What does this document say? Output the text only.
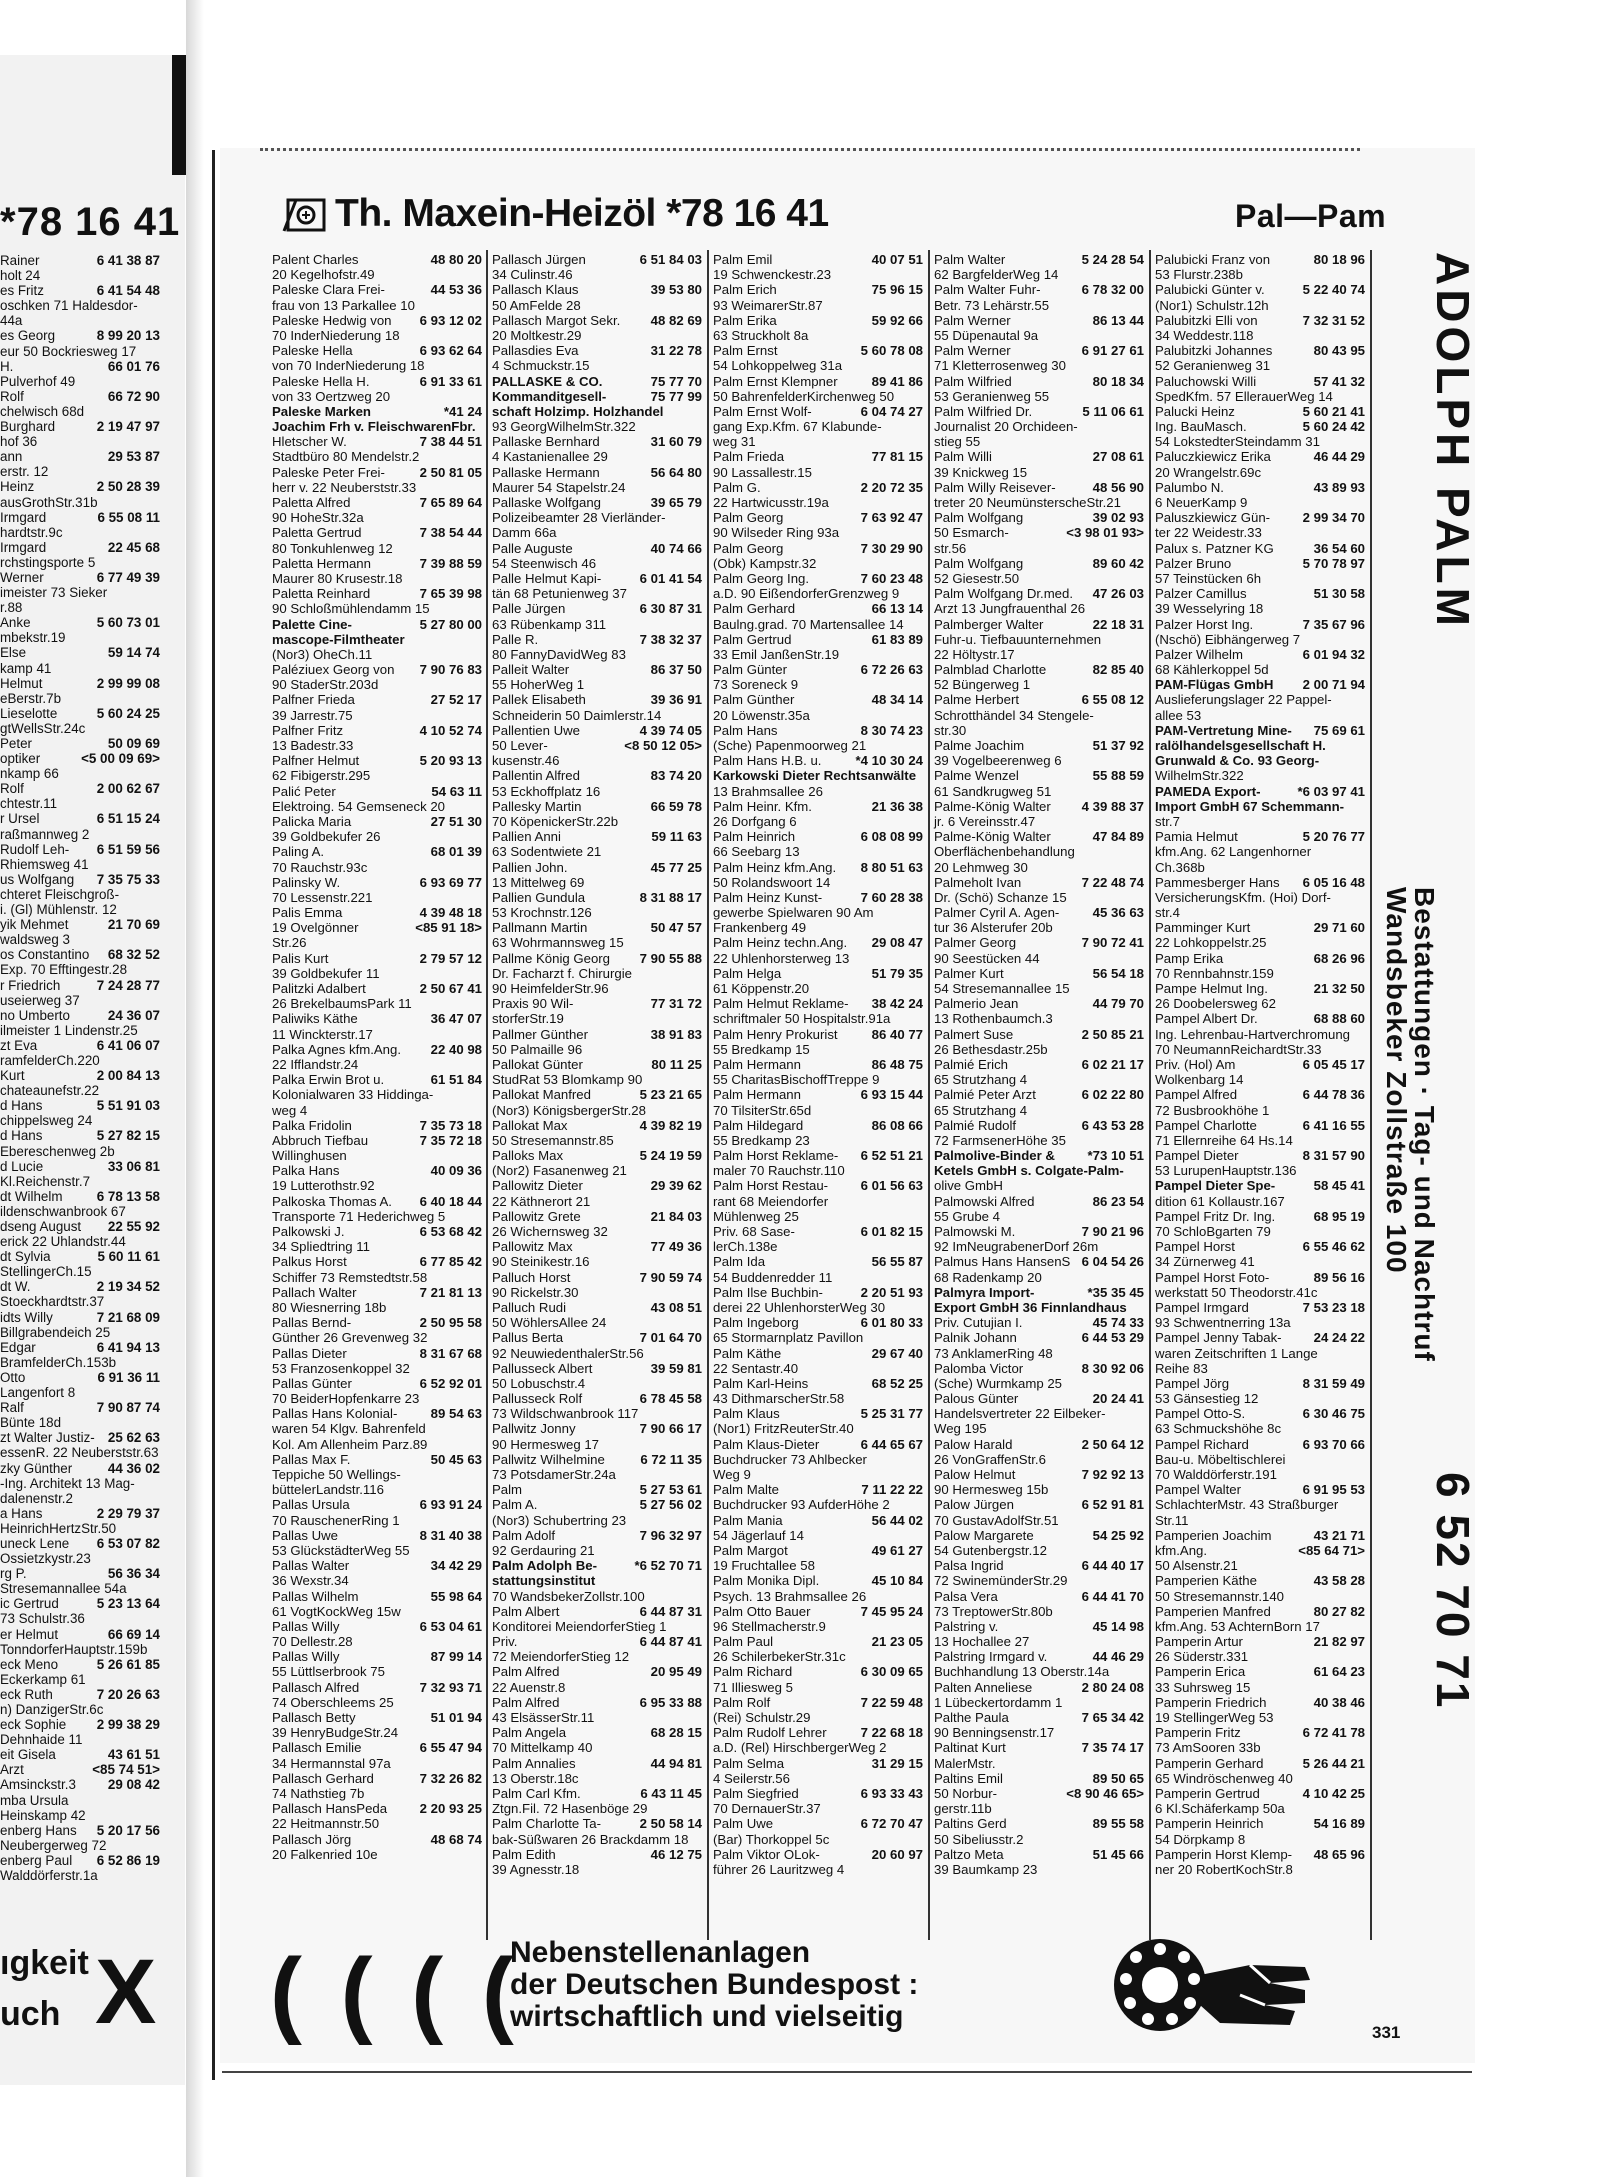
*78 16 41
Rainer	6 41 38 87
holt 24
es Fritz	6 41 54 48
oschken 71 Haldesdor-
44a
es Georg	8 99 20 13
eur 50 Bockriesweg 17
H.	66 01 76
Pulverhof 49
Rolf	66 72 90
chelwisch 68d
Burghard	2 19 47 97
hof 36
ann	29 53 87
erstr. 12
Heinz	2 50 28 39
ausGrothStr.31b
Irmgard	6 55 08 11
hardtstr.9c
Irmgard	22 45 68
rchstingsporte 5
Werner	6 77 49 39
imeister 73 Sieker
r.88
Anke	5 60 73 01
mbekstr.19
Else	59 14 74
kamp 41
Helmut	2 99 99 08
eBerstr.7b
Lieselotte	5 60 24 25
gtWellsStr.24c
Peter	50 09 69
optiker	<5 00 09 69>
nkamp 66
Rolf	2 00 62 67
chtestr.11
r Ursel	6 51 15 24
raßmannweg 2
Rudolf Leh- 6 51 59 56
Rhiemsweg 41
us Wolfgang 7 35 75 33
chteret Fleischgroß-
i. (Gl) Mühlenstr. 12
yik Mehmet	21 70 69
waldsweg 3
os Constantino 68 32 52
Exp. 70 Efftingestr.28
r Friedrich	7 24 28 77
useierweg 37
no Umberto	24 36 07
ilmeister 1 Lindenstr.25
zt Eva	6 41 06 07
ramfelderCh.220
Kurt	2 00 84 13
chateaunefstr.22
d Hans	5 51 91 03
chippelsweg 24
d Hans	5 27 82 15
Ebereschenweg 2b
d Lucie	33 06 81
Kl.Reichenstr.7
dt Wilhelm	6 78 13 58
ildenschwanbrook 67
dseng August 22 55 92
erick 22 Uhlandstr.44
dt Sylvia	5 60 11 61
StellingerCh.15
dt W.	2 19 34 52
Stoeckhardtstr.37
idts Willy	7 21 68 09
Billgrabendeich 25
Edgar	6 41 94 13
BramfelderCh.153b
Otto	6 91 36 11
Langenfort 8
Ralf	7 90 87 74
Bünte 18d
zt Walter Justiz- 25 62 63
essenR. 22 Neuberststr.63
zky Günther	44 36 02
-Ing. Architekt 13 Mag-
dalenenstr.2
a Hans	2 29 79 37
HeinrichHertzStr.50
uneck Lene 6 53 07 82
Ossietzkystr.23
rg P.	56 36 34
Stresemannallee 54a
ic Gertrud	5 23 13 64
73 Schulstr.36
er Helmut	66 69 14
TonndorferHauptstr.159b
eck Meno	5 26 61 85
Eckerkamp 61
eck Ruth	7 20 26 63
n) DanzigerStr.6c
eck Sophie 2 99 38 29
Dehnhaide 11
eit Gisela	43 61 51
Arzt	<85 74 51>
Amsinckstr.3 29 08 42
mba Ursula
Heinskamp 42
enberg Hans 5 20 17 56
Neubergerweg 72
enberg Paul 6 52 86 19
Walddörferstr.1a
ıgkeit
uch X
Th. Maxein-Heizöl *78 16 41	Pal—Pam
Palent Charles	48 80 20
20 Kegelhofstr.49
Paleske Clara Frei-	44 53 36
frau von 13 Parkallee 10
Paleske Hedwig von 6 93 12 02
70 InderNiederung 18
Paleske Hella	6 93 62 64
von 70 InderNiederung 18
Paleske Hella H.	6 91 33 61
von 33 Oertzweg 20
Paleske Marken	*41 24
Joachim Frh v. FleischwarenFbr.
Hletscher W.	7 38 44 51
Stadtbüro 80 Mendelstr.2
Paleske Peter Frei-	2 50 81 05
herr v. 22 Neuberststr.33
Paletta Alfred	7 65 89 64
90 HoheStr.32a
Paletta Gertrud	7 38 54 44
80 Tonkuhlenweg 12
Paletta Hermann	7 39 88 59
Maurer 80 Krusestr.18
Paletta Reinhard	7 65 39 98
90 Schloßmühlendamm 15
Palette Cine-	5 27 80 00
mascope-Filmtheater
(Nor3) OheCh.11
Paléziuex Georg von 7 90 76 83
90 StaderStr.203d
Palfner Frieda	27 52 17
39 Jarrestr.75
Palfner Fritz	4 10 52 74
13 Badestr.33
Palfner Helmut	5 20 93 13
62 Fibigerstr.295
Palić Peter	54 63 11
Elektroing. 54 Gemseneck 20
Palicka Maria	27 51 30
39 Goldbekufer 26
Paling A.	68 01 39
70 Rauchstr.93c
Palinsky W.	6 93 69 77
70 Lessenstr.221
Palis Emma	4 39 48 18
19 Ovelgönner	<85 91 18>
Str.26
Palis Kurt	2 79 57 12
39 Goldbekufer 11
Palitzki Adalbert	2 50 67 41
26 BrekelbaumsPark 11
Paliwiks Käthe	36 47 07
11 Winckterstr.17
Palka Agnes kfm.Ang. 22 40 98
22 Ifflandstr.24
Palka Erwin Brot u.	61 51 84
Kolonialwaren 33 Hiddinga-
weg 4
Palka Fridolin	7 35 73 18
Abbruch Tiefbau	7 35 72 18
Willinghusen
Palka Hans	40 09 36
19 Lutterothstr.92
Palkoska Thomas A. 6 40 18 44
Transporte 71 Hederichweg 5
Palkowski J.	6 53 68 42
34 Spliedtring 11
Palkus Horst	6 77 85 42
Schiffer 73 Remstedtstr.58
Pallach Walter	7 21 81 13
80 Wiesnerring 18b
Pallas Bernd-	2 50 95 58
Günther 26 Grevenweg 32
Pallas Dieter	8 31 67 68
53 Franzosenkoppel 32
Pallas Günter	6 52 92 01
70 BeiderHopfenkarre 23
Pallas Hans Kolonial-	89 54 63
waren 54 Klgv. Bahrenfeld
Kol. Am Allenheim Parz.89
Pallas Max F.	50 45 63
Teppiche 50 Wellings-
büttelerLandstr.116
Pallas Ursula	6 93 91 24
70 RauschenerRing 1
Pallas Uwe	8 31 40 38
53 GlückstädterWeg 55
Pallas Walter	34 42 29
36 Wexstr.34
Pallas Wilhelm	55 98 64
61 VogtKockWeg 15w
Pallas Willy	6 53 04 61
70 Dellestr.28
Pallas Willy	87 99 14
55 Lüttlserbrook 75
Pallasch Alfred	7 32 93 71
74 Oberschleems 25
Pallasch Betty	51 01 94
39 HenryBudgeStr.24
Pallasch Emilie	6 55 47 94
34 Hermannstal 97a
Pallasch Gerhard	7 32 26 82
74 Nathstieg 7b
Pallasch HansPeda 2 20 93 25
22 Heitmannstr.50
Pallasch Jörg	48 68 74
20 Falkenried 10e
Pallasch Jürgen	6 51 84 03
34 Culinstr.46
Pallasch Klaus	39 53 80
50 AmFelde 28
Pallasch Margot Sekr. 48 82 69
20 Moltkestr.29
Pallasdies Eva	31 22 78
4 Schmuckstr.15
PALLASKE & CO.	75 77 70
Kommanditgesell-	75 77 99
schaft Holzimp. Holzhandel
93 GeorgWilhelmStr.322
Pallaske Bernhard	31 60 79
4 Kastanienallee 29
Pallaske Hermann	56 64 80
Maurer 54 Stapelstr.24
Pallaske Wolfgang	39 65 79
Polizeibeamter 28 Vierländer-
Damm 66a
Palle Auguste	40 74 66
54 Steenwisch 46
Palle Helmut Kapi-	6 01 41 54
tän 68 Petunienweg 37
Palle Jürgen	6 30 87 31
63 Rübenkamp 311
Palle R.	7 38 32 37
80 FannyDavidWeg 83
Palleit Walter	86 37 50
55 HoherWeg 1
Pallek Elisabeth	39 36 91
Schneiderin 50 Daimlerstr.14
Pallentien Uwe	4 39 74 05
50 Lever-	<8 50 12 05>
kusenstr.46
Pallentin Alfred	83 74 20
53 Eckhoffplatz 16
Pallesky Martin	66 59 78
70 KöpenickerStr.22b
Pallien Anni	59 11 63
63 Sodentwiete 21
Pallien John.	45 77 25
13 Mittelweg 69
Pallien Gundula	8 31 88 17
53 Krochnstr.126
Pallmann Martin	50 47 57
63 Wohrmannsweg 15
Pallme König Georg 7 90 55 88
Dr. Facharzt f. Chirurgie
90 HeimfelderStr.96
Praxis 90 Wil-	77 31 72
storferStr.19
Pallmer Günther	38 91 83
50 Palmaille 96
Pallokat Günter	80 11 25
StudRat 53 Blomkamp 90
Pallokat Manfred	5 23 21 65
(Nor3) KönigsbergerStr.28
Pallokat Max	4 39 82 19
50 Stresemannstr.85
Palloks Max	5 24 19 59
(Nor2) Fasanenweg 21
Pallowitz Dieter	29 39 62
22 Käthnerort 21
Pallowitz Grete	21 84 03
26 Wichernsweg 32
Pallowitz Max	77 49 36
90 Steinikestr.16
Palluch Horst	7 90 59 74
90 Rickelstr.30
Palluch Rudi	43 08 51
50 WöhlersAllee 24
Pallus Berta	7 01 64 70
92 NeuwiedenthalerStr.56
Pallusseck Albert	39 59 81
50 Lobuschstr.4
Pallusseck Rolf	6 78 45 58
73 Wildschwanbrook 117
Pallwitz Jonny	7 90 66 17
90 Hermesweg 17
Pallwitz Wilhelmine	6 72 11 35
73 PotsdamerStr.24a
Palm	5 27 53 61
Palm A.	5 27 56 02
(Nor3) Schubertring 23
Palm Adolf	7 96 32 97
92 Gerdauring 21
Palm Adolph Be-	*6 52 70 71
stattungsinstitut
70 WandsbekerZollstr.100
Palm Albert	6 44 87 31
Konditorei MeiendorferStieg 1
Priv.	6 44 87 41
72 MeiendorferStieg 12
Palm Alfred	20 95 49
22 Auenstr.8
Palm Alfred	6 95 33 88
43 ElsässerStr.11
Palm Angela	68 28 15
70 Mittelkamp 40
Palm Annalies	44 94 81
13 Oberstr.18c
Palm Carl Kfm.	6 43 11 45
Ztgn.Fil. 72 Hasenböge 29
Palm Charlotte Ta-	2 50 58 14
bak-Süßwaren 26 Brackdamm 18
Palm Edith	46 12 75
39 Agnesstr.18
Palm Emil	40 07 51
19 Schwenckestr.23
Palm Erich	75 96 15
93 WeimarerStr.87
Palm Erika	59 92 66
63 Struckholt 8a
Palm Ernst	5 60 78 08
54 Lohkoppelweg 31a
Palm Ernst Klempner	89 41 86
50 BahrenfelderKirchenweg 50
Palm Ernst Wolf-	6 04 74 27
gang Exp.Kfm. 67 Klabunde-
weg 31
Palm Frieda	77 81 15
90 Lassallestr.15
Palm G.	2 20 72 35
22 Hartwicusstr.19a
Palm Georg	7 63 92 47
90 Wilseder Ring 93a
Palm Georg	7 30 29 90
(Obk) Kampstr.32
Palm Georg Ing.	7 60 23 48
a.D. 90 EißendorferGrenzweg 9
Palm Gerhard	66 13 14
Baulng.grad. 70 Martensallee 14
Palm Gertrud	61 83 89
33 Emil JanßenStr.19
Palm Günter	6 72 26 63
73 Soreneck 9
Palm Günther	48 34 14
20 Löwenstr.35a
Palm Hans	8 30 74 23
(Sche) Papenmoorweg 21
Palm Hans H.B. u.	*4 10 30 24
Karkowski Dieter Rechtsanwälte
13 Brahmsallee 26
Palm Heinr. Kfm.	21 36 38
26 Dorfgang 6
Palm Heinrich	6 08 08 99
66 Seebarg 13
Palm Heinz kfm.Ang. 8 80 51 63
50 Rolandswoort 14
Palm Heinz Kunst-	7 60 28 38
gewerbe Spielwaren 90 Am
Frankenberg 49
Palm Heinz techn.Ang. 29 08 47
22 Uhlenhorsterweg 13
Palm Helga	51 79 35
61 Köppenstr.20
Palm Helmut Reklame- 38 42 24
schriftmaler 50 Hospitalstr.91a
Palm Henry Prokurist	86 40 77
55 Bredkamp 15
Palm Hermann	86 48 75
55 CharitasBischoffTreppe 9
Palm Hermann	6 93 15 44
70 TilsiterStr.65d
Palm Hildegard	86 08 66
55 Bredkamp 23
Palm Horst Reklame- 6 52 51 21
maler 70 Rauchstr.110
Palm Horst Restau- 6 01 56 63
rant 68 Meiendorfer
Mühlenweg 25
Priv. 68 Sase-	6 01 82 15
lerCh.138e
Palm Ida	56 55 87
54 Buddenredder 11
Palm Ilse Buchbin-	2 20 51 93
derei 22 UhlenhorsterWeg 30
Palm Ingeborg	6 01 80 33
65 Stormarnplatz Pavillon
Palm Käthe	29 67 40
22 Sentastr.40
Palm Karl-Heins	68 52 25
43 DithmarscherStr.58
Palm Klaus	5 25 31 77
(Nor1) FritzReuterStr.40
Palm Klaus-Dieter	6 44 65 67
Buchdrucker 73 Ahlbecker
Weg 9
Palm Malte	7 11 22 22
Buchdrucker 93 AufderHöhe 2
Palm Mania	56 44 02
54 Jägerlauf 14
Palm Margot	49 61 27
19 Fruchtallee 58
Palm Monika Dipl.	45 10 84
Psych. 13 Brahmsallee 26
Palm Otto Bauer	7 45 95 24
96 Stellmacherstr.9
Palm Paul	21 23 05
26 SchilerbekerStr.31c
Palm Richard	6 30 09 65
71 Illiesweg 5
Palm Rolf	7 22 59 48
(Rei) Schulstr.29
Palm Rudolf Lehrer	7 22 68 18
a.D. (Rel) HirschbergerWeg 2
Palm Selma	31 29 15
4 Seilerstr.56
Palm Siegfried	6 93 33 43
70 DernauerStr.37
Palm Uwe	6 72 70 47
(Bar) Thorkoppel 5c
Palm Viktor OLok-	20 60 97
führer 26 Lauritzweg 4
Palm Walter	5 24 28 54
62 BargfelderWeg 14
Palm Walter Fuhr-	6 78 32 00
Betr. 73 Lehärstr.55
Palm Werner	86 13 44
55 Düpenautal 9a
Palm Werner	6 91 27 61
71 Kletterrosenweg 30
Palm Wilfried	80 18 34
53 Geranienweg 55
Palm Wilfried Dr.	5 11 06 61
Journalist 20 Orchideen-
stieg 55
Palm Willi	27 08 61
39 Knickweg 15
Palm Willy Reisever-	48 56 90
treter 20 NeumünsterscheStr.21
Palm Wolfgang	39 02 93
50 Esmarch-	<3 98 01 93>
str.56
Palm Wolfgang	89 60 42
52 Giesestr.50
Palm Wolfgang Dr.med. 47 26 03
Arzt 13 Jungfrauenthal 26
Palmberger Walter	22 18 31
Fuhr-u. Tiefbauunternehmen
22 Höltystr.17
Palmblad Charlotte	82 85 40
52 Büngerweg 1
Palme Herbert	6 55 08 12
Schrotthändel 34 Stengele-
str.30
Palme Joachim	51 37 92
39 Vogelbeerenweg 6
Palme Wenzel	55 88 59
61 Sandkrugweg 51
Palme-König Walter 4 39 88 37
jr. 6 Vereinsstr.47
Palme-König Walter	47 84 89
Oberflächenbehandlung
20 Lehmweg 30
Palmeholt Ivan	7 22 48 74
Dr. (Schö) Schanze 15
Palmer Cyril A. Agen-	45 36 63
tur 36 Alsterufer 20b
Palmer Georg	7 90 72 41
90 Seestücken 44
Palmer Kurt	56 54 18
54 Stresemannallee 15
Palmerio Jean	44 79 70
13 Rothenbaumch.3
Palmert Suse	2 50 85 21
26 Bethesdastr.25b
Palmié Erich	6 02 21 17
65 Strutzhang 4
Palmié Peter Arzt	6 02 22 80
65 Strutzhang 4
Palmié Rudolf	6 43 53 28
72 FarmsenerHöhe 35
Palmolive-Binder & *73 10 51
Ketels GmbH s. Colgate-Palm-
olive GmbH
Palmowski Alfred	86 23 54
55 Grube 4
Palmowski M.	7 90 21 96
92 ImNeugrabenerDorf 26m
Palmus Hans HansenS 6 04 54 26
68 Radenkamp 20
Palmyra Import-	*35 35 45
Export GmbH 36 Finnlandhaus
Priv. Cutujian I.	45 74 33
Palnik Johann	6 44 53 29
73 AnklamerRing 48
Palomba Victor	8 30 92 06
(Sche) Wurmkamp 25
Palous Günter	20 24 41
Handelsvertreter 22 Eilbeker-
Weg 195
Palow Harald	2 50 64 12
26 VonGraffenStr.6
Palow Helmut	7 92 92 13
90 Hermesweg 15b
Palow Jürgen	6 52 91 81
70 GustavAdolfStr.51
Palow Margarete	54 25 92
54 Gutenbergstr.12
Palsa Ingrid	6 44 40 17
72 SwinemünderStr.29
Palsa Vera	6 44 41 70
73 TreptowerStr.80b
Palstring v.	45 14 98
13 Hochallee 27
Palstring Irmgard v.	44 46 29
Buchhandlung 13 Oberstr.14a
Palten Anneliese	2 80 24 08
1 Lübeckertordamm 1
Palthe Paula	7 65 34 42
90 Benningsenstr.17
Paltinat Kurt	7 35 74 17
MalerMstr.
Paltins Emil	89 50 65
50 Norbur-	<8 90 46 65>
gerstr.11b
Paltins Gerd	89 55 58
50 Sibeliusstr.2
Paltzo Meta	51 45 66
39 Baumkamp 23
Palubicki Franz von	80 18 96
53 Flurstr.238b
Palubicki Günter v.	5 22 40 74
(Nor1) Schulstr.12h
Palubitzki Elli von	7 32 31 52
34 Weddestr.118
Palubitzki Johannes	80 43 95
52 Geranienweg 31
Paluchowski Willi	57 41 32
SpedKfm. 57 EllerauerWeg 14
Palucki Heinz	5 60 21 41
Ing. BauMasch.	5 60 24 42
54 LokstedterSteindamm 31
Paluczkiewicz Erika	46 44 29
20 Wrangelstr.69c
Palumbo N.	43 89 93
6 NeuerKamp 9
Paluszkiewicz Gün- 2 99 34 70
ter 22 Weidestr.33
Palux s. Patzner KG	36 54 60
Palzer Bruno	5 70 78 97
57 Teinstücken 6h
Palzer Camillus	51 30 58
39 Wesselyring 18
Palzer Horst Ing.	7 35 67 96
(Nschö) Eibhängerweg 7
Palzer Wilhelm	6 01 94 32
68 Kählerkoppel 5d
PAM-Flügas GmbH 2 00 71 94
Auslieferungslager 22 Pappel-
allee 53
PAM-Vertretung Mine- 75 69 61
ralölhandelsgesellschaft H.
Grunwald & Co. 93 Georg-
WilhelmStr.322
PAMEDA Export-	*6 03 97 41
Import GmbH 67 Schemmann-
str.7
Pamia Helmut	5 20 76 77
kfm.Ang. 62 Langenhorner
Ch.368b
Pammesberger Hans 6 05 16 48
VersicherungsKfm. (Hoi) Dorf-
str.4
Pamminger Kurt	29 71 60
22 Lohkoppelstr.25
Pamp Erika	68 26 96
70 Rennbahnstr.159
Pampe Helmut Ing.	21 32 50
26 Doobelersweg 62
Pampel Albert Dr.	68 88 60
Ing. Lehrenbau-Hartverchromung
70 NeumannReichardtStr.33
Priv. (Hol) Am	6 05 45 17
Wolkenbarg 14
Pampel Alfred	6 44 78 36
72 Busbrookhöhe 1
Pampel Charlotte	6 41 16 55
71 Ellernreihe 64 Hs.14
Pampel Dieter	8 31 57 90
53 LurupenHauptstr.136
Pampel Dieter Spe-	58 45 41
dition 61 Kollaustr.167
Pampel Fritz Dr. Ing.	68 95 19
70 SchloBgarten 79
Pampel Horst	6 55 46 62
34 Zürnerweg 41
Pampel Horst Foto-	89 56 16
werkstatt 50 Theodorstr.41c
Pampel Irmgard	7 53 23 18
93 Schwentnerring 13a
Pampel Jenny Tabak- 24 24 22
waren Zeitschriften 1 Lange
Reihe 83
Pampel Jörg	8 31 59 49
53 Gänsestieg 12
Pampel Otto-S.	6 30 46 75
63 Schmuckshöhe 8c
Pampel Richard	6 93 70 66
Bau-u. Möbeltischlerei
70 Walddörferstr.191
Pampel Walter	6 91 95 53
SchlachterMstr. 43 Straßburger
Str.11
Pamperien Joachim	43 21 71
kfm.Ang.	<85 64 71>
50 Alsenstr.21
Pamperien Käthe	43 58 28
50 Stresemannstr.140
Pamperien Manfred	80 27 82
kfm.Ang. 53 AchternBorn 17
Pamperin Artur	21 82 97
26 Süderstr.331
Pamperin Erica	61 64 23
33 Suhrsweg 15
Pamperin Friedrich	40 38 46
19 StellingerWeg 53
Pamperin Fritz	6 72 41 78
73 AmSooren 33b
Pamperin Gerhard	5 26 44 21
65 Windröschenweg 40
Pamperin Gertrud	4 10 42 25
6 Kl.Schäferkamp 50a
Pamperin Heinrich	54 16 89
54 Dörpkamp 8
Pamperin Horst Klemp- 48 65 96
ner 20 RobertKochStr.8
ADOLPH PALM
Bestattungen · Tag- und Nachtruf
Wandsbeker Zollstraße 100
6 52 70 71
( ( ( (
Nebenstellenanlagen
der Deutschen Bundespost :
wirtschaftlich und vielseitig	331
